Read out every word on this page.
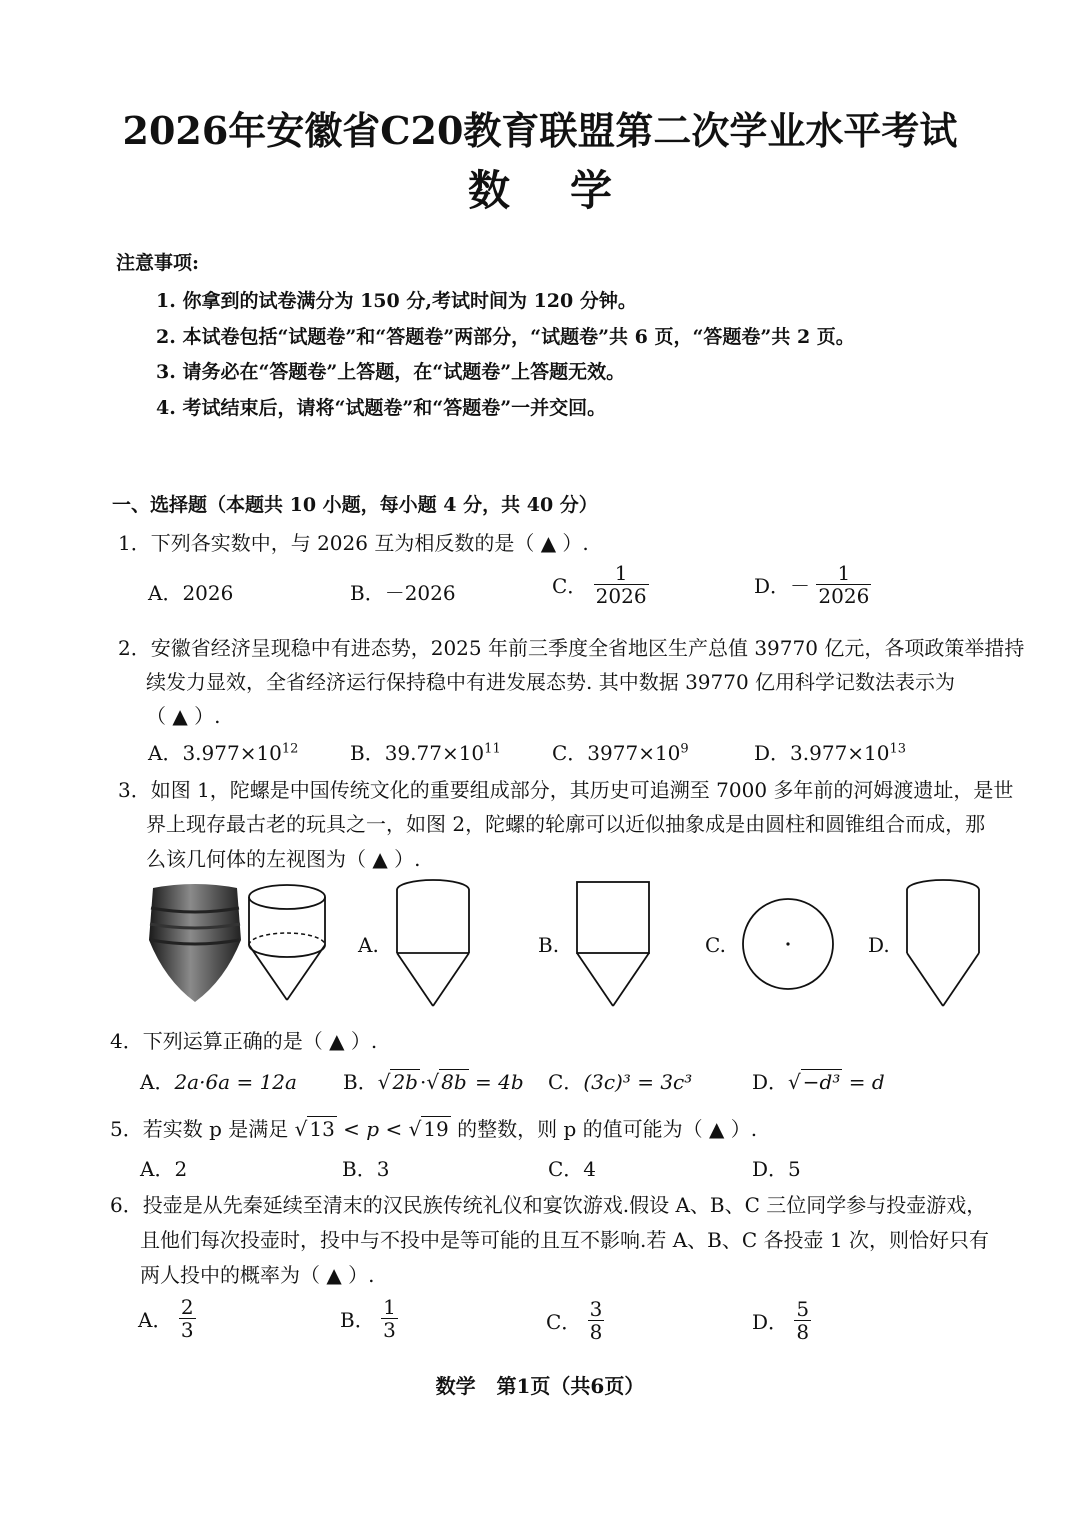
2026年安徽省C20教育联盟第二次学业水平考试
数学
注意事项:
1. 你拿到的试卷满分为 150 分,考试时间为 120 分钟。
2. 本试卷包括“试题卷”和“答题卷”两部分，“试题卷”共 6 页，“答题卷”共 2 页。
3. 请务必在“答题卷”上答题，在“试题卷”上答题无效。
4. 考试结束后，请将“试题卷”和“答题卷”一并交回。
一、选择题（本题共 10 小题，每小题 4 分，共 40 分）
1．下列各实数中，与 2026 互为相反数的是（ ▲ ）.
A．2026	B．－2026	C． $\frac{1}{2026}$	D．－ $\frac{1}{2026}$
2．安徽省经济呈现稳中有进态势，2025 年前三季度全省地区生产总值 39770 亿元，各项政策举措持
续发力显效，全省经济运行保持稳中有进发展态势. 其中数据 39770 亿用科学记数法表示为
（ ▲ ）.
A．$3.977\times 10^{12}$	B．$39.77\times 10^{11}$	C．$3977\times 10^9$	D．$3.977\times 10^{13}$
3．如图 1，陀螺是中国传统文化的重要组成部分，其历史可追溯至 7000 多年前的河姆渡遗址，是世
界上现存最古老的玩具之一，如图 2，陀螺的轮廓可以近似抽象成是由圆柱和圆锥组合而成，那
么该几何体的左视图为（ ▲ ）.
A.	B.	C.	D.
4．下列运算正确的是（ ▲ ）.
A．2a·6a = 12a B．√ 2b ·√ 8b = 4b C．(3c)³ = 3c³	D．√ −d³ = d
5．若实数 p 是满足 √ 13 < p < √ 19 的整数，则 p 的值可能为（ ▲ ）.
A．2	B．3	C．4	D．5
6．投壶是从先秦延续至清末的汉民族传统礼仪和宴饮游戏.假设 A、B、C 三位同学参与投壶游戏，
且他们每次投壶时，投中与不投中是等可能的且互不影响.若 A、B、C 各投壶 1 次，则恰好只有
两人投中的概率为（ ▲ ）.
A． $\frac{2}{3}$	B． $\frac{1}{3}$	C． $\frac{3}{8}$	D． $\frac{5}{8}$
数学   第1页（共6页）
